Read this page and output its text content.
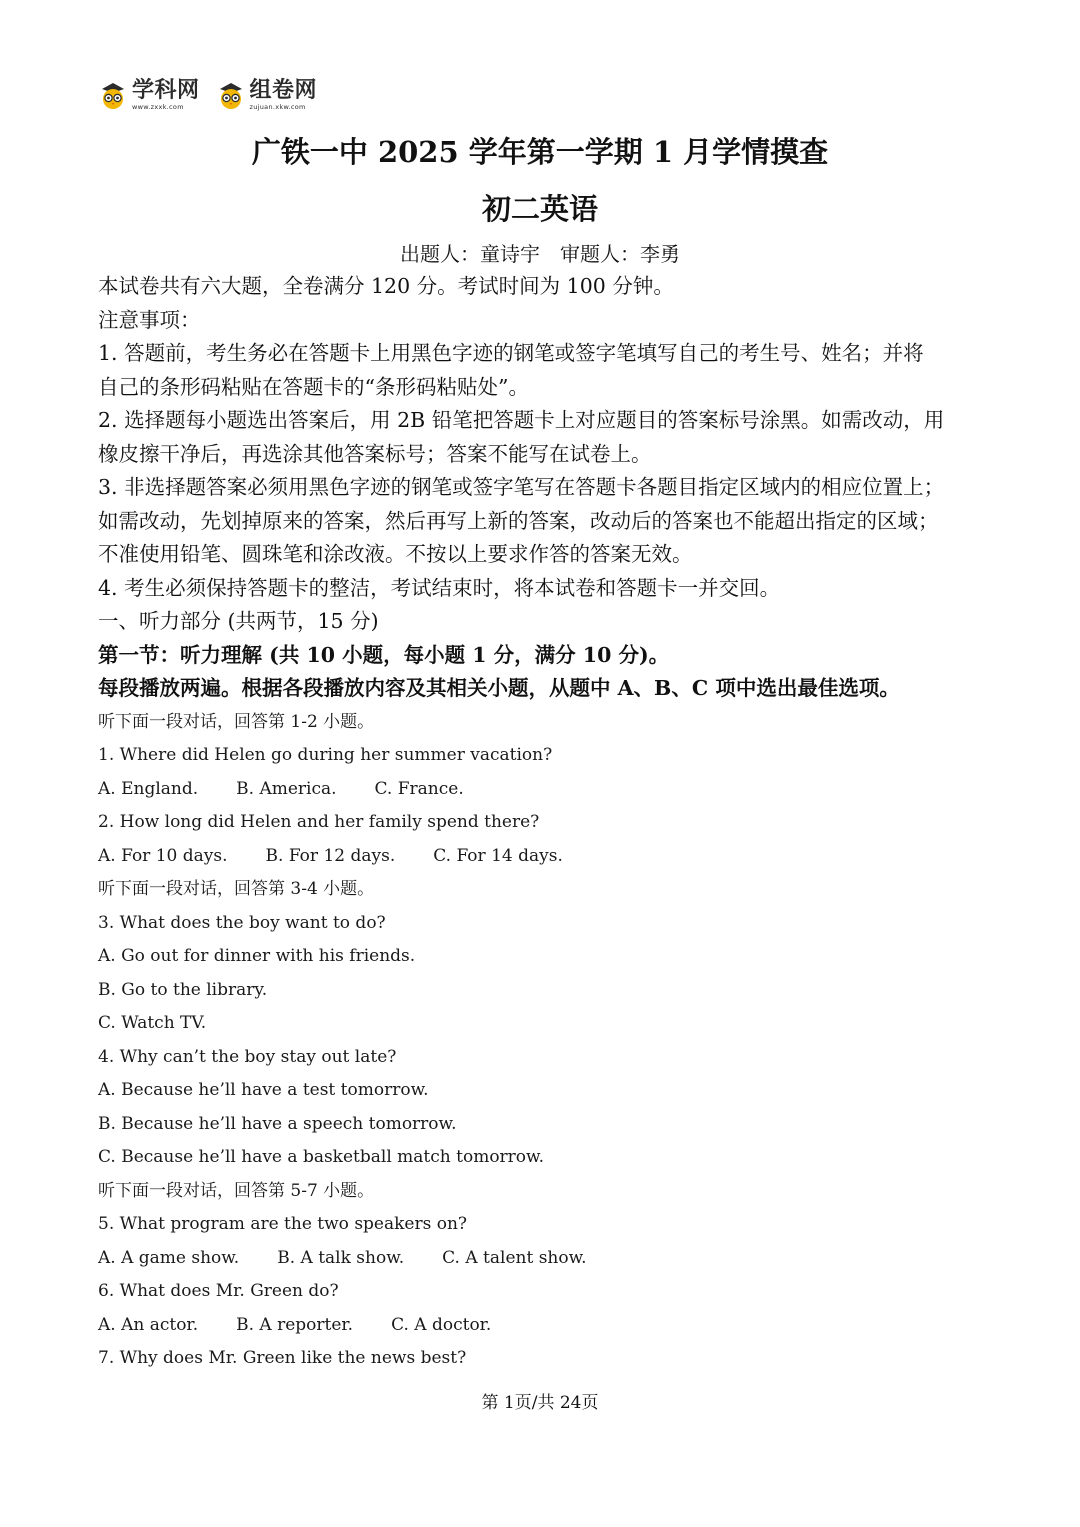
学科网
www.zxxk.com
组卷网
zujuan.xkw.com
广铁一中 2025 学年第一学期 1 月学情摸查
初二英语
出题人：童诗宇　审题人：李勇
本试卷共有六大题，全卷满分 120 分。考试时间为 100 分钟。
注意事项：
1. 答题前，考生务必在答题卡上用黑色字迹的钢笔或签字笔填写自己的考生号、姓名；并将
自己的条形码粘贴在答题卡的“条形码粘贴处”。
2. 选择题每小题选出答案后，用 2B 铅笔把答题卡上对应题目的答案标号涂黑。如需改动，用
橡皮擦干净后，再选涂其他答案标号；答案不能写在试卷上。
3. 非选择题答案必须用黑色字迹的钢笔或签字笔写在答题卡各题目指定区域内的相应位置上；
如需改动，先划掉原来的答案，然后再写上新的答案，改动后的答案也不能超出指定的区域；
不准使用铅笔、圆珠笔和涂改液。不按以上要求作答的答案无效。
4. 考生必须保持答题卡的整洁，考试结束时，将本试卷和答题卡一并交回。
一、听力部分 (共两节，15 分)
第一节：听力理解 (共 10 小题，每小题 1 分，满分 10 分)。
每段播放两遍。根据各段播放内容及其相关小题，从题中 A、B、C 项中选出最佳选项。
听下面一段对话，回答第 1-2 小题。
1. Where did Helen go during her summer vacation?
A. England. B. America. C. France.
2. How long did Helen and her family spend there?
A. For 10 days. B. For 12 days. C. For 14 days.
听下面一段对话，回答第 3-4 小题。
3. What does the boy want to do?
A. Go out for dinner with his friends.
B. Go to the library.
C. Watch TV.
4. Why can’t the boy stay out late?
A. Because he’ll have a test tomorrow.
B. Because he’ll have a speech tomorrow.
C. Because he’ll have a basketball match tomorrow.
听下面一段对话，回答第 5-7 小题。
5. What program are the two speakers on?
A. A game show. B. A talk show. C. A talent show.
6. What does Mr. Green do?
A. An actor. B. A reporter. C. A doctor.
7. Why does Mr. Green like the news best?
第 1页/共 24页
